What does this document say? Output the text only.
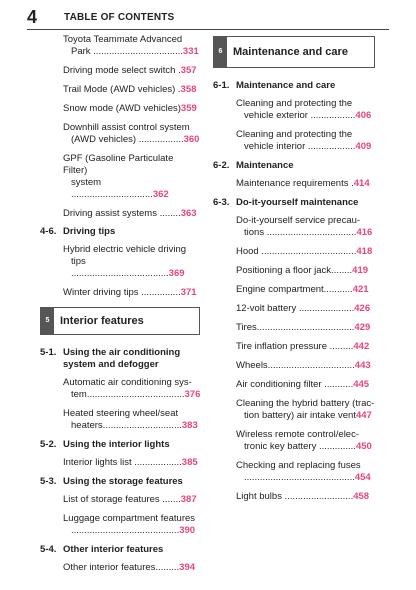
4	TABLE OF CONTENTS
Toyota Teammate Advanced
Park ..................................331
Driving mode select switch .357
Trail Mode (AWD vehicles) .358
Snow mode (AWD vehicles)359
Downhill assist control system
(AWD vehicles) .................360
GPF (Gasoline Particulate Filter)
system ...............................362
Driving assist systems ........363
4-6. Driving tips
Hybrid electric vehicle driving
tips .....................................369
Winter driving tips ...............371
5 Interior features
5-1. Using the air conditioning system and defogger
Automatic air conditioning sys-
tem.....................................376
Heated steering wheel/seat
heaters..............................383
5-2. Using the interior lights
Interior lights list ..................385
5-3. Using the storage features
List of storage features .......387
Luggage compartment features
.........................................390
5-4. Other interior features
Other interior features.........394
6 Maintenance and care
6-1. Maintenance and care
Cleaning and protecting the
vehicle exterior .................406
Cleaning and protecting the
vehicle interior ..................409
6-2. Maintenance
Maintenance requirements .414
6-3. Do-it-yourself maintenance
Do-it-yourself service precau-
tions ..................................416
Hood ....................................418
Positioning a floor jack........419
Engine compartment...........421
12-volt battery .....................426
Tires.....................................429
Tire inflation pressure .........442
Wheels.................................443
Air conditioning filter ...........445
Cleaning the hybrid battery (trac-
tion battery) air intake vent447
Wireless remote control/elec-
tronic key battery ..............450
Checking and replacing fuses
..........................................454
Light bulbs ..........................458
